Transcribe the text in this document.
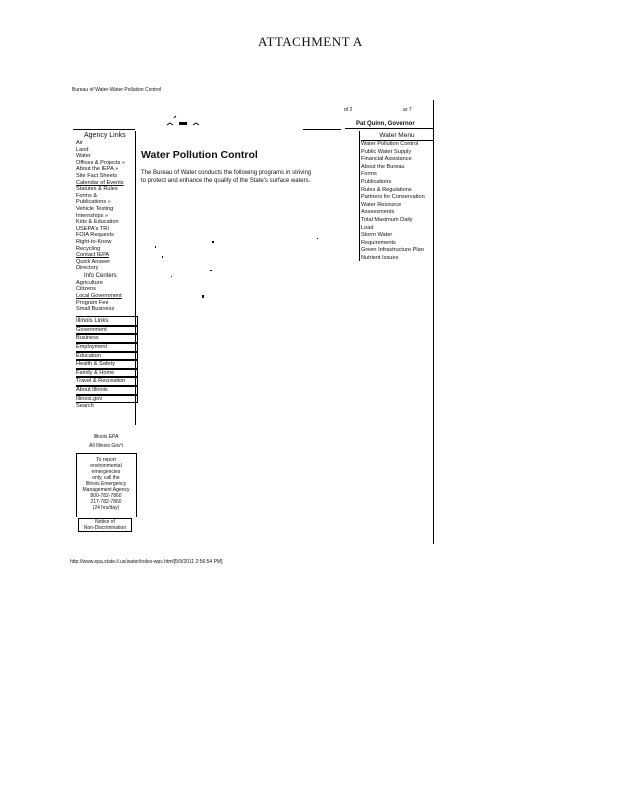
ATTACHMENT A
Bureau of Water-Water Pollution Control
of 2	ar 7
Pat Quinn, Governor
Agency Links
Air
Land
Water
Offices & Projects »
About the IEPA »
Site Fact Sheets
Calendar of Events
Statutes & Rules
Forms &
Publications »
Vehicle Testing
Internships »
Kids & Education
USEPA's TRI
FOIA Requests
Right-to-Know
Recycling
Contact IEPA
Quick Answer
Directory
Info Centers
Agriculture
Citizens
Local Government
Program Fee
Small Business
Illinois Links
Government
Business
Employment
Education
Health & Safety
Family & Home
Travel & Recreation
About Illinois
Illinois.gov
Search
Illinois EPA
All Illinois Gov't
To report
environmental
emergencies
only, call the
Illinois Emergency
Management Agency
800-782-7860
217-782-7860
(24 hrs/day)
Notice of
Non-Discrimination
Water Pollution Control
The Bureau of Water conducts the following programs in striving
to protect and enhance the quality of the State's surface waters.
Water Menu
Water Pollution Control
Public Water Supply
Financial Assistance
About the Bureau
Forms
Publications
Rules & Regulations
Partners for Conservation
Water Resource
Assessments
Total Maximum Daily
Load
Storm Water
Requirements
Green Infrastructure Plan
Nutrient Issues
http://www.epa.state.il.us/water/index-wpc.html[5/9/2011 2:56:54 PM]
